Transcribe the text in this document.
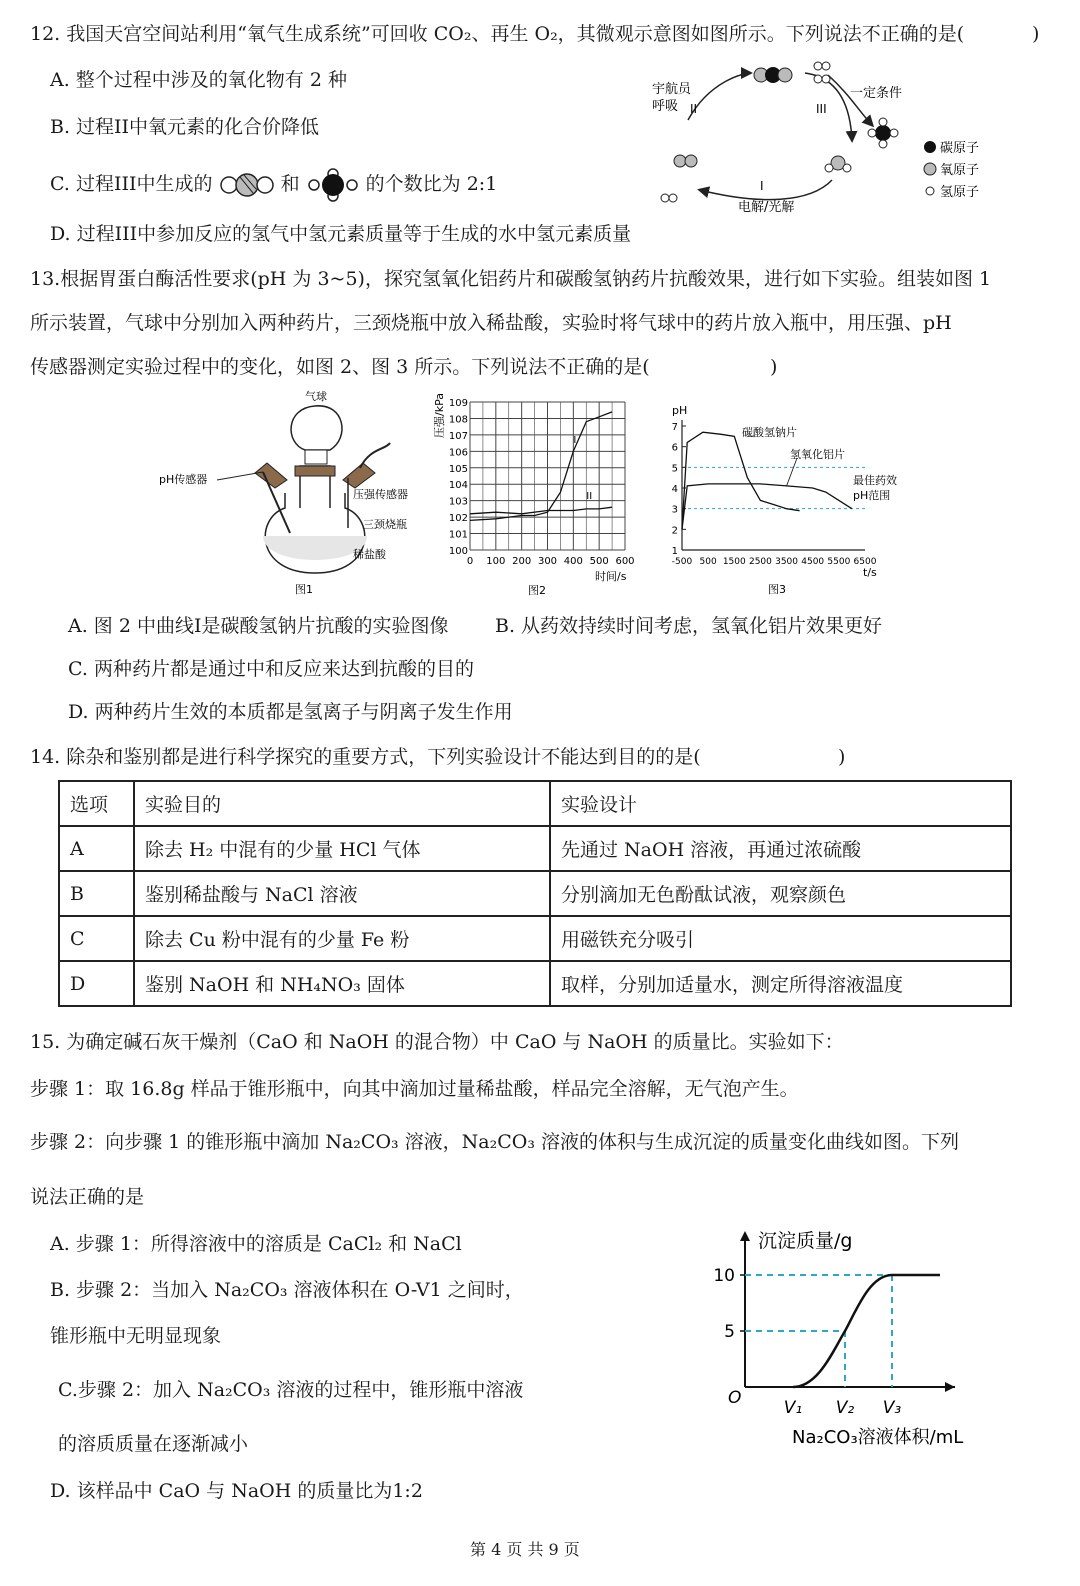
12. 我国天宫空间站利用“氧气生成系统”可回收 CO₂、再生 O₂，其微观示意图如图所示。下列说法不正确的是(	)
A. 整个过程中涉及的氧化物有 2 种
B. 过程II中氧元素的化合价降低
C. 过程III中生成的	和	的个数比为 2:1
D. 过程III中参加反应的氢气中氢元素质量等于生成的水中氢元素质量
宇航员
呼吸 II	III
I
一定条件
电解/光解
碳原子
氧原子
氢原子
13.根据胃蛋白酶活性要求(pH 为 3~5)，探究氢氧化铝药片和碳酸氢钠药片抗酸效果，进行如下实验。组装如图 1
所示装置，气球中分别加入两种药片，三颈烧瓶中放入稀盐酸，实验时将气球中的药片放入瓶中，用压强、pH
传感器测定实验过程中的变化，如图 2、图 3 所示。下列说法不正确的是(	)
气球
pH传感器
压强传感器
三颈烧瓶
稀盐酸
图1
109
108
107
106
105
104
103
102
101
100
0 100 200 300 400 500 600
I
II
压强/kPa
时间/s
图2
7
6
5
4
3
2
1
-500 500 1500 2500 3500 4500 5500 6500
pH
t/s
图3
碳酸氢钠片
氢氧化铝片
最佳药效
pH范围
A. 图 2 中曲线I是碳酸氢钠片抗酸的实验图像 B. 从药效持续时间考虑，氢氧化铝片效果更好
C. 两种药片都是通过中和反应来达到抗酸的目的
D. 两种药片生效的本质都是氢离子与阴离子发生作用
14. 除杂和鉴别都是进行科学探究的重要方式，下列实验设计不能达到目的的是(	)
选项	实验目的	实验设计
A	除去 H₂ 中混有的少量 HCl 气体	先通过 NaOH 溶液，再通过浓硫酸
B	鉴别稀盐酸与 NaCl 溶液	分别滴加无色酚酞试液，观察颜色
C	除去 Cu 粉中混有的少量 Fe 粉	用磁铁充分吸引
D	鉴别 NaOH 和 NH₄NO₃ 固体	取样，分别加适量水，测定所得溶液温度
15. 为确定碱石灰干燥剂（CaO 和 NaOH 的混合物）中 CaO 与 NaOH 的质量比。实验如下：
步骤 1：取 16.8g 样品于锥形瓶中，向其中滴加过量稀盐酸，样品完全溶解，无气泡产生。
步骤 2：向步骤 1 的锥形瓶中滴加 Na₂CO₃ 溶液，Na₂CO₃ 溶液的体积与生成沉淀的质量变化曲线如图。下列
说法正确的是
A. 步骤 1：所得溶液中的溶质是 CaCl₂ 和 NaCl
B. 步骤 2：当加入 Na₂CO₃ 溶液体积在 O-V1 之间时，
锥形瓶中无明显现象
C.步骤 2：加入 Na₂CO₃ 溶液的过程中，锥形瓶中溶液
的溶质质量在逐渐减小
D. 该样品中 CaO 与 NaOH 的质量比为1:2
10
5
V₁ V₂ V₃
沉淀质量/g
Na₂CO₃溶液体积/mL
O
第 4 页 共 9 页
